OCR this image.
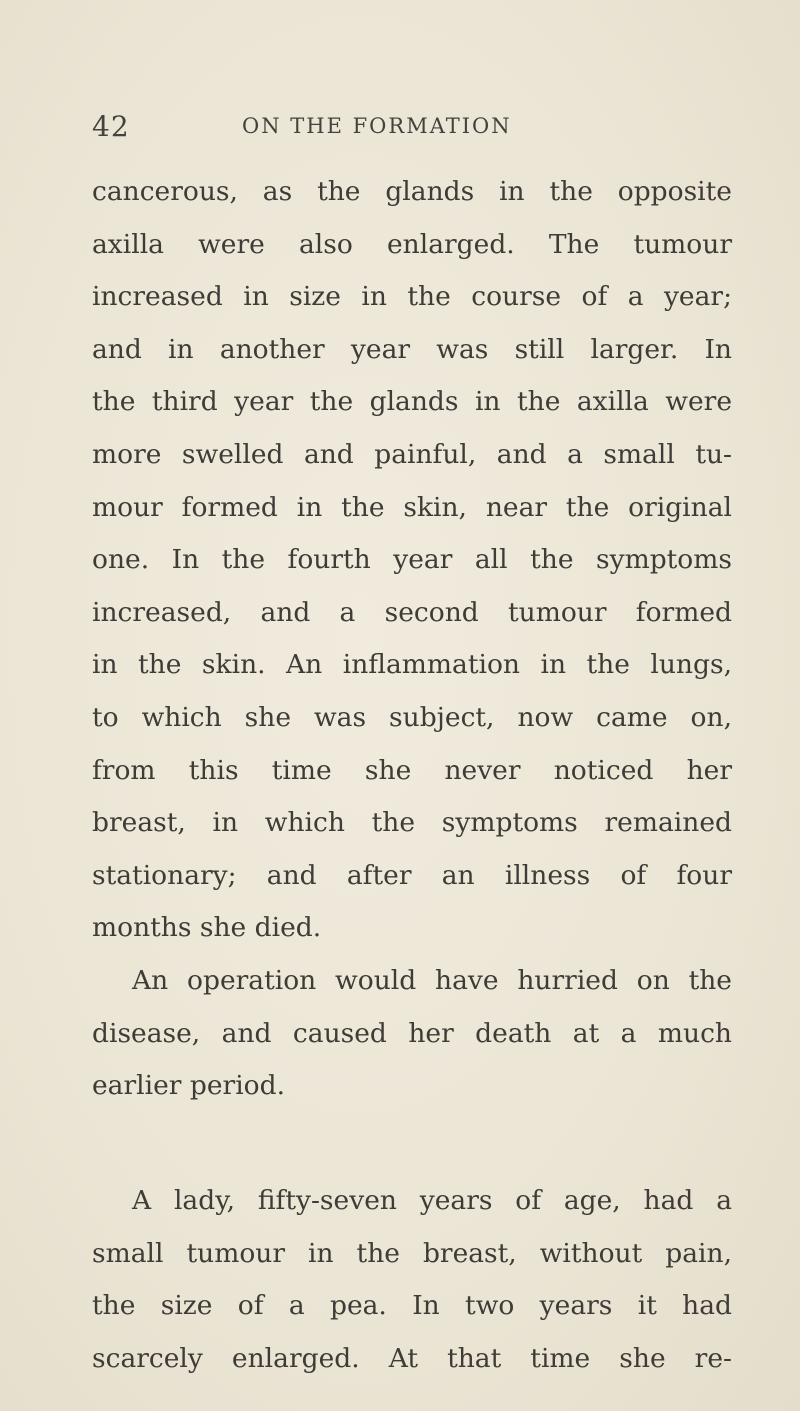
42	ON THE FORMATION
cancerous, as the glands in the opposite
axilla were also enlarged. The tumour
increased in size in the course of a year;
and in another year was still larger. In
the third year the glands in the axilla were
more swelled and painful, and a small tu-
mour formed in the skin, near the original
one. In the fourth year all the symptoms
increased, and a second tumour formed
in the skin. An inflammation in the lungs,
to which she was subject, now came on,
from this time she never noticed her
breast, in which the symptoms remained
stationary; and after an illness of four
months she died.
An operation would have hurried on the
disease, and caused her death at a much
earlier period.
A lady, fifty-seven years of age, had a
small tumour in the breast, without pain,
the size of a pea. In two years it had
scarcely enlarged. At that time she re-
